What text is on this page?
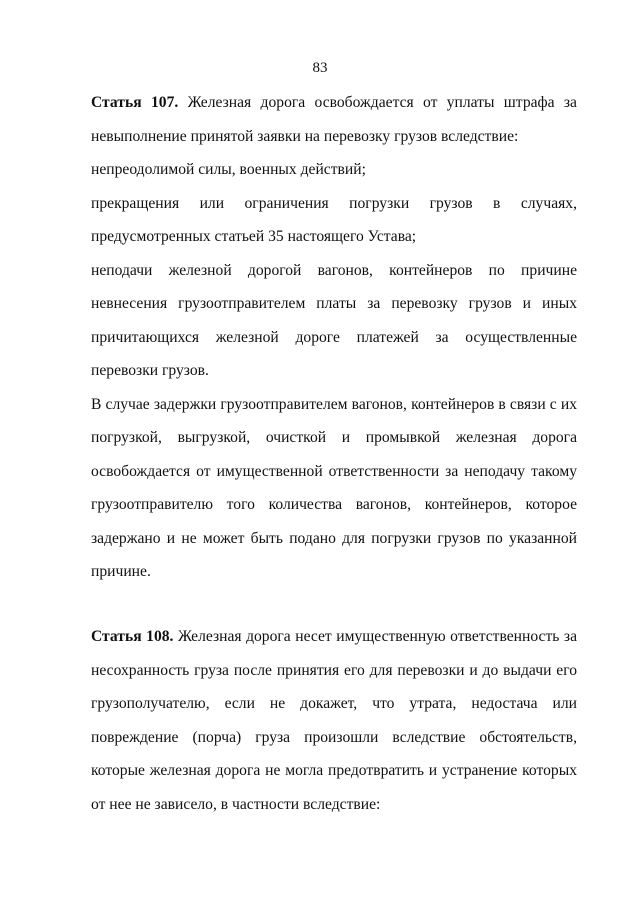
83

Статья 107. Железная дорога освобождается от уплаты штрафа за невыполнение принятой заявки на перевозку грузов вследствие:

непреодолимой силы, военных действий;

прекращения или ограничения погрузки грузов в случаях, предусмотренных статьей 35 настоящего Устава;

неподачи железной дорогой вагонов, контейнеров по причине невнесения грузоотправителем платы за перевозку грузов и иных причитающихся железной дороге платежей за осуществленные перевозки грузов.

В случае задержки грузоотправителем вагонов, контейнеров в связи с их погрузкой, выгрузкой, очисткой и промывкой железная дорога освобождается от имущественной ответственности за неподачу такому грузоотправителю того количества вагонов, контейнеров, которое задержано и не может быть подано для погрузки грузов по указанной причине.

Статья 108. Железная дорога несет имущественную ответственность за несохранность груза после принятия его для перевозки и до выдачи его грузополучателю, если не докажет, что утрата, недостача или повреждение (порча) груза произошли вследствие обстоятельств, которые железная дорога не могла предотвратить и устранение которых от нее не зависело, в частности вследствие:
